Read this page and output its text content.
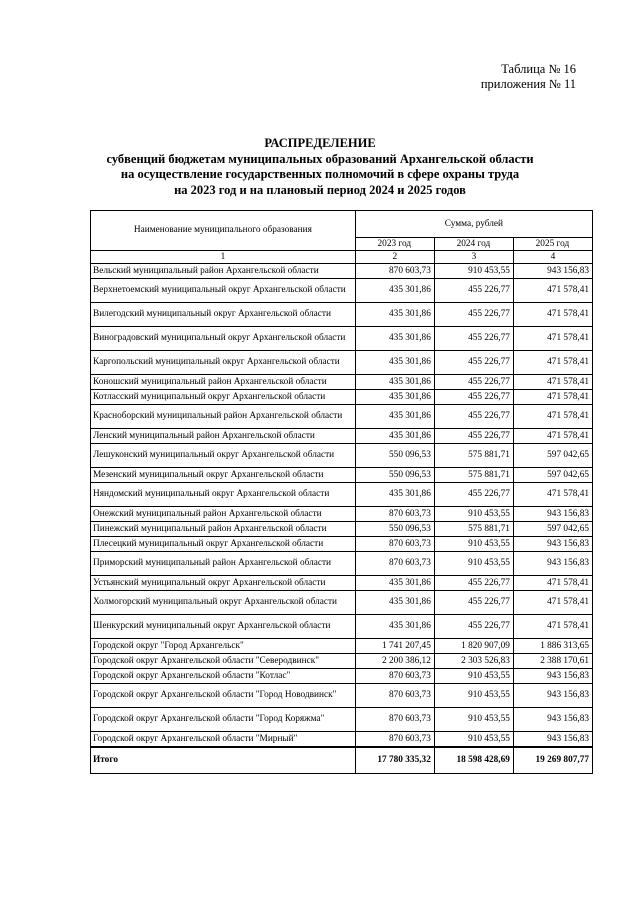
Таблица № 16
приложения № 11
РАСПРЕДЕЛЕНИЕ
субвенций бюджетам муниципальных образований Архангельской области
на осуществление государственных полномочий в сфере охраны труда
на 2023 год и на плановый период 2024 и 2025 годов
Наименование муниципального образования	Сумма, рублей		
	2023 год	2024 год	2025 год
1	2	3	4
Вельский муниципальный район Архангельской области	870 603,73	910 453,55	943 156,83
Верхнетоемский муниципальный округ Архангельской области	435 301,86	455 226,77	471 578,41
Вилегодский муниципальный округ Архангельской области	435 301,86	455 226,77	471 578,41
Виноградовский муниципальный округ Архангельской области	435 301,86	455 226,77	471 578,41
Каргопольский муниципальный округ Архангельской области	435 301,86	455 226,77	471 578,41
Коношский муниципальный район Архангельской области	435 301,86	455 226,77	471 578,41
Котласский муниципальный округ Архангельской области	435 301,86	455 226,77	471 578,41
Красноборский муниципальный район Архангельской области	435 301,86	455 226,77	471 578,41
Ленский муниципальный район Архангельской области	435 301,86	455 226,77	471 578,41
Лешуконский муниципальный округ Архангельской области	550 096,53	575 881,71	597 042,65
Мезенский муниципальный округ Архангельской области	550 096,53	575 881,71	597 042,65
Няндомский муниципальный округ Архангельской области	435 301,86	455 226,77	471 578,41
Онежский муниципальный район Архангельской области	870 603,73	910 453,55	943 156,83
Пинежский муниципальный район Архангельской области	550 096,53	575 881,71	597 042,65
Плесецкий муниципальный округ Архангельской области	870 603,73	910 453,55	943 156,83
Приморский муниципальный район Архангельской области	870 603,73	910 453,55	943 156,83
Устьянский муниципальный округ Архангельской области	435 301,86	455 226,77	471 578,41
Холмогорский муниципальный округ Архангельской области	435 301,86	455 226,77	471 578,41
Шенкурский муниципальный округ Архангельской области	435 301,86	455 226,77	471 578,41
Городской округ "Город Архангельск"	1 741 207,45	1 820 907,09	1 886 313,65
Городской округ Архангельской области "Северодвинск"	2 200 386,12	2 303 526,83	2 388 170,61
Городской округ Архангельской области "Котлас"	870 603,73	910 453,55	943 156,83
Городской округ Архангельской области "Город Новодвинск"	870 603,73	910 453,55	943 156,83
Городской округ Архангельской области "Город Коряжма"	870 603,73	910 453,55	943 156,83
Городской округ Архангельской области "Мирный"	870 603,73	910 453,55	943 156,83
Итого	17 780 335,32	18 598 428,69	19 269 807,77
